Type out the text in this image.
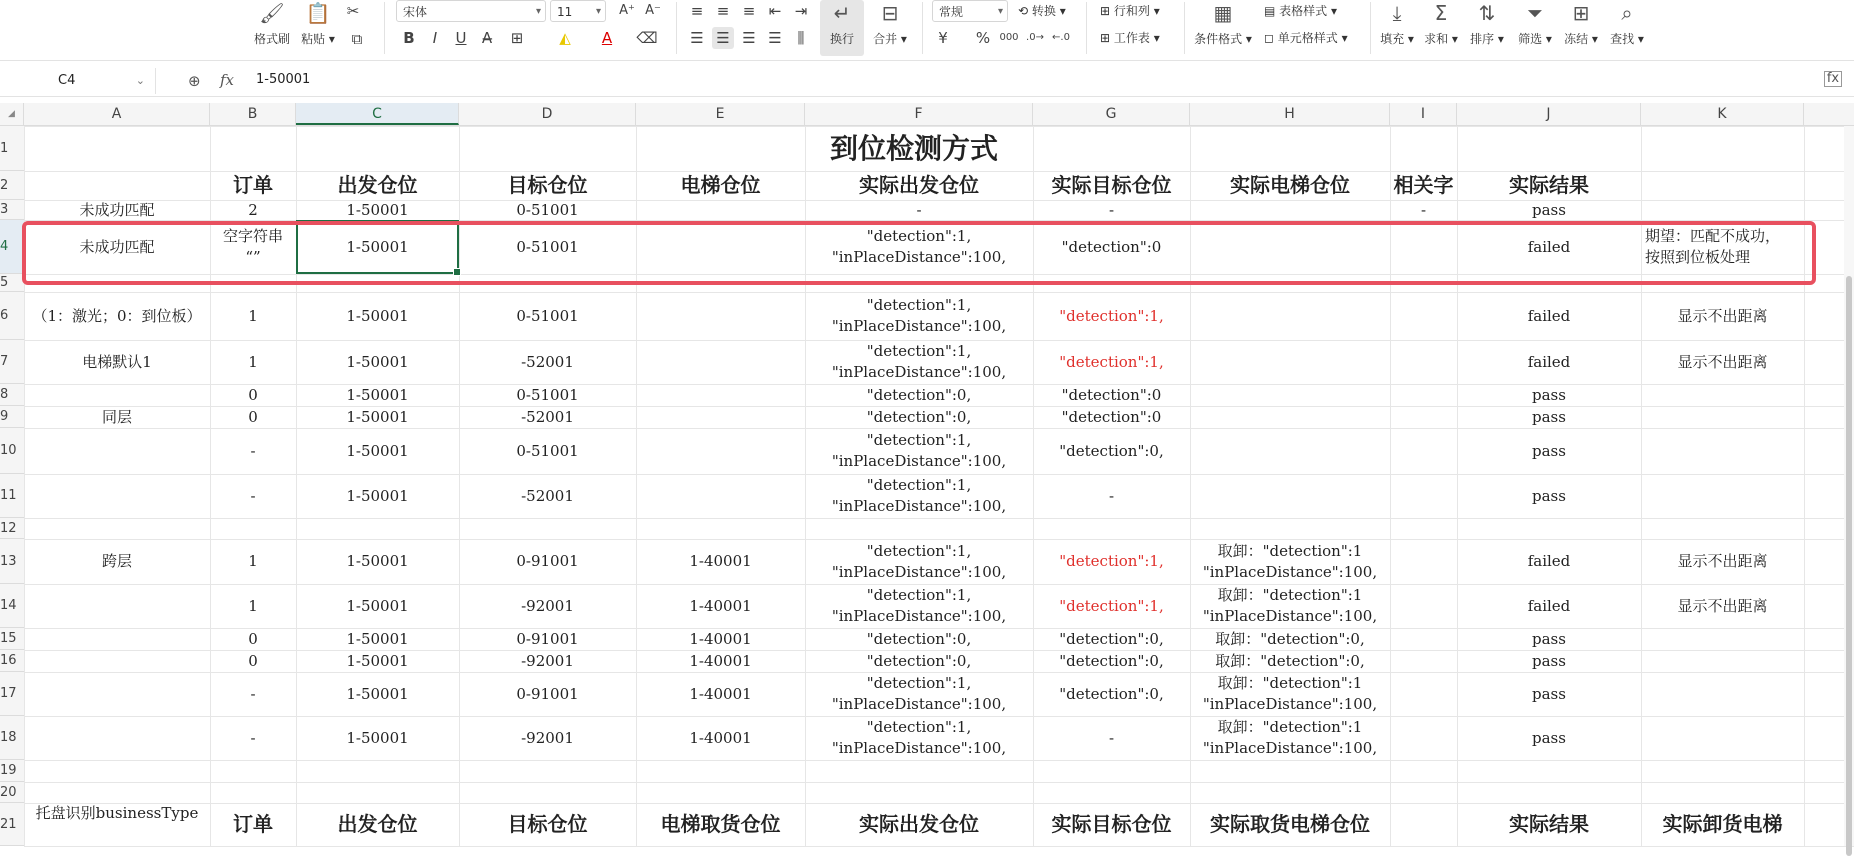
🖌
格式刷
📋
粘贴 ▾
✂
⧉
宋体	▾	11 ▾ A⁺ A⁻
B	I	U	A̶	⊞	◭	A	⌫
≡ ≡ ≡ ⇤ ⇥
☰ ☰ ☰ ☰	⫼
↵
换行
⊟
合并 ▾
常规	▾ ⟲ 转换 ▾
¥	% 000 .0→ ←.0
⊞ 行和列 ▾
⊞ 工作表 ▾
▦
条件格式 ▾
▤ 表格样式 ▾
◻ 单元格样式 ▾
⤓
填充 ▾
Σ
求和 ▾
⇅
排序 ▾
⏷
筛选 ▾
⊞
冻结 ▾
⌕
查找 ▾
C4	⌄	⊕ fx 1-50001	fx
◢	A	B	C	D	E	F	G	H	I	J	K
1
2
3
4
5
6
7
8
9
10
11
12
13
14
15
16
17
18
19
20
21
到位检测方式
订单	出发仓位	目标仓位	电梯仓位	实际出发仓位	实际目标仓位	实际电梯仓位	相关字	实际结果
未成功匹配	2	1-50001	0-51001	-	-	-	pass
未成功匹配
空字符串
“”
1-50001	0-51001
"detection":1,
"inPlaceDistance":100,
"detection":0	failed
期望：匹配不成功，
按照到位板处理
（1：激光；0：到位板）	1	1-50001	0-51001
"detection":1,
"inPlaceDistance":100,
"detection":1,	failed	显示不出距离
电梯默认1	1	1-50001	-52001
"detection":1,
"inPlaceDistance":100,
"detection":1,	failed	显示不出距离
0	1-50001	0-51001	"detection":0,	"detection":0	pass
同层	0	1-50001	-52001	"detection":0,	"detection":0	pass
-	1-50001	0-51001
"detection":1,
"inPlaceDistance":100,
"detection":0,	pass
-	1-50001	-52001
"detection":1,
"inPlaceDistance":100,
-	pass
跨层	1	1-50001	0-91001	1-40001
"detection":1,
"inPlaceDistance":100,
"detection":1,
取卸："detection":1
"inPlaceDistance":100,
failed	显示不出距离
1	1-50001	-92001	1-40001
"detection":1,
"inPlaceDistance":100,
"detection":1,
取卸："detection":1
"inPlaceDistance":100,
failed	显示不出距离
0	1-50001	0-91001	1-40001	"detection":0,	"detection":0,	取卸："detection":0,	pass
0	1-50001	-92001	1-40001	"detection":0,	"detection":0,	取卸："detection":0,	pass
-	1-50001	0-91001	1-40001
"detection":1,
"inPlaceDistance":100,
"detection":0,
取卸："detection":1
"inPlaceDistance":100,
pass
-	1-50001	-92001	1-40001
"detection":1,
"inPlaceDistance":100,
-
取卸："detection":1
"inPlaceDistance":100,
pass
托盘识别businessType	订单	出发仓位	目标仓位	电梯取货仓位	实际出发仓位	实际目标仓位	实际取货电梯仓位	实际结果	实际卸货电梯
